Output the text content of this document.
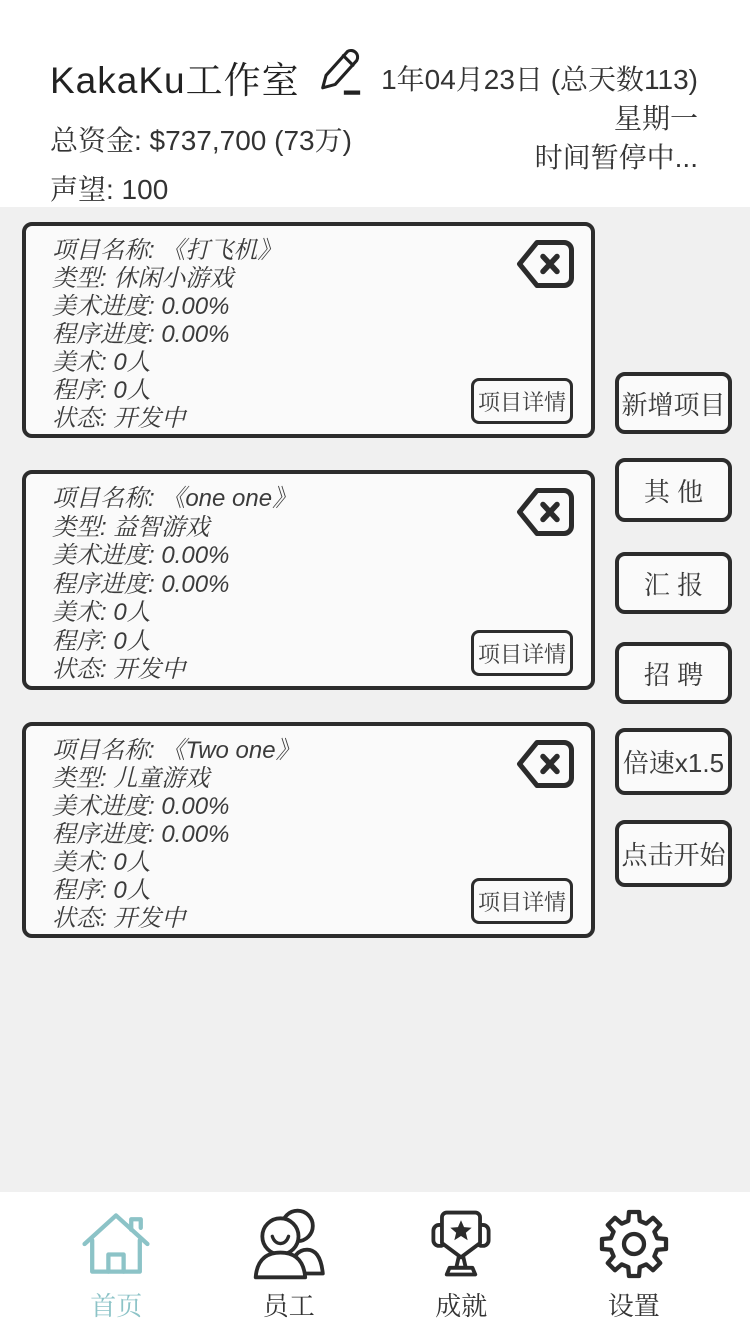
KakaKu工作室
总资金: $737,700 (73万)
声望: 100
1年04月23日 (总天数113)
星期一
时间暂停中...
项目名称: 《打飞机》
类型: 休闲小游戏
美术进度: 0.00%
程序进度: 0.00%
美术: 0人
程序: 0人
状态: 开发中
项目详情
项目名称: 《one one》
类型: 益智游戏
美术进度: 0.00%
程序进度: 0.00%
美术: 0人
程序: 0人
状态: 开发中
项目详情
项目名称: 《Two one》
类型: 儿童游戏
美术进度: 0.00%
程序进度: 0.00%
美术: 0人
程序: 0人
状态: 开发中
项目详情
新增项目
其 他
汇 报
招 聘
倍速x1.5
点击开始
首页	员工	成就	设置
